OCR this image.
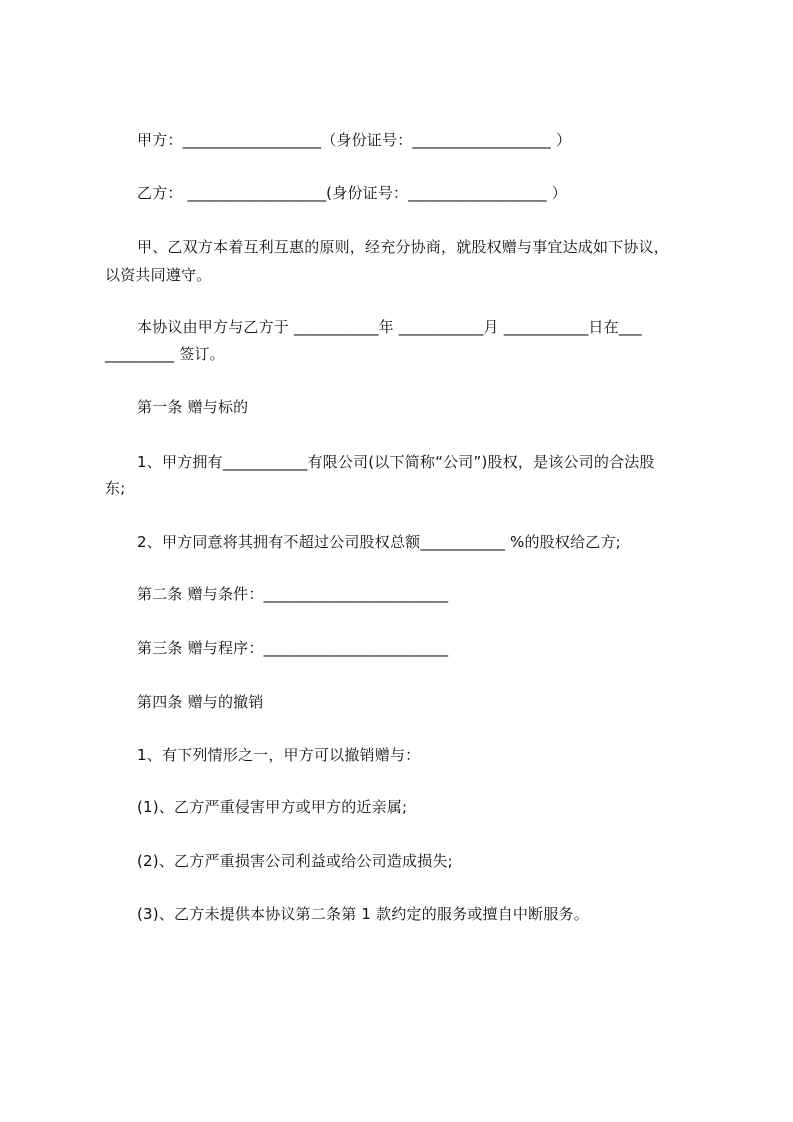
甲方：__________________（身份证号：__________________ ）
乙方： __________________(身份证号：__________________ ）
甲、乙双方本着互利互惠的原则，经充分协商，就股权赠与事宜达成如下协议，
以资共同遵守。
本协议由甲方与乙方于 ___________年 ___________月 ___________日在___
_________ 签订。
第一条 赠与标的
1、甲方拥有___________有限公司(以下简称“公司”)股权，是该公司的合法股
东;
2、甲方同意将其拥有不超过公司股权总额___________ %的股权给乙方;
第二条 赠与条件：________________________
第三条 赠与程序：________________________
第四条 赠与的撤销
1、有下列情形之一，甲方可以撤销赠与：
(1)、乙方严重侵害甲方或甲方的近亲属;
(2)、乙方严重损害公司利益或给公司造成损失;
(3)、乙方未提供本协议第二条第 1 款约定的服务或擅自中断服务。
